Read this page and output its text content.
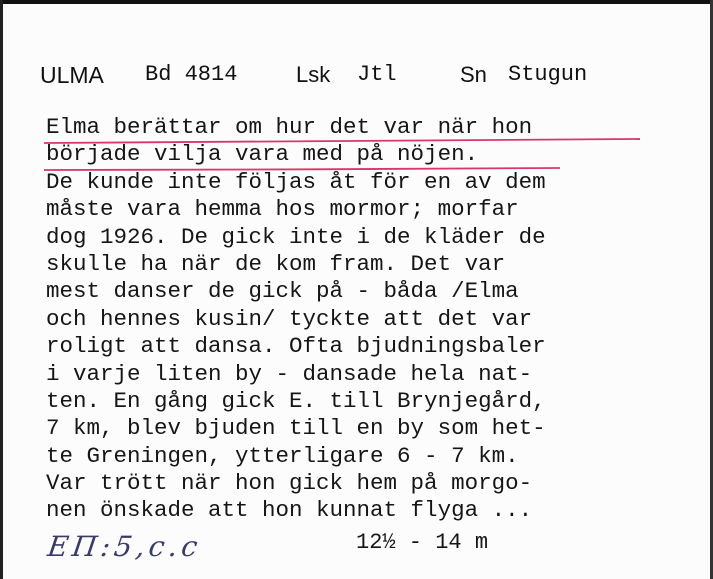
ULMA Bd 4814	Lsk Jtl	Sn Stugun
Elma berättar om hur det var när hon
började vilja vara med på nöjen.
De kunde inte följas åt för en av dem
måste vara hemma hos mormor; morfar
dog 1926. De gick inte i de kläder de
skulle ha när de kom fram. Det var
mest danser de gick på - båda /Elma
och hennes kusin/ tyckte att det var
roligt att dansa. Ofta bjudningsbaler
i varje liten by - dansade hela nat-
ten. En gång gick E. till Brynjegård,
7 km, blev bjuden till en by som het-
te Greningen, ytterligare 6 - 7 km.
Var trött när hon gick hem på morgo-
nen önskade att hon kunnat flyga ...
EП:5,c.c	12½ - 14 m
